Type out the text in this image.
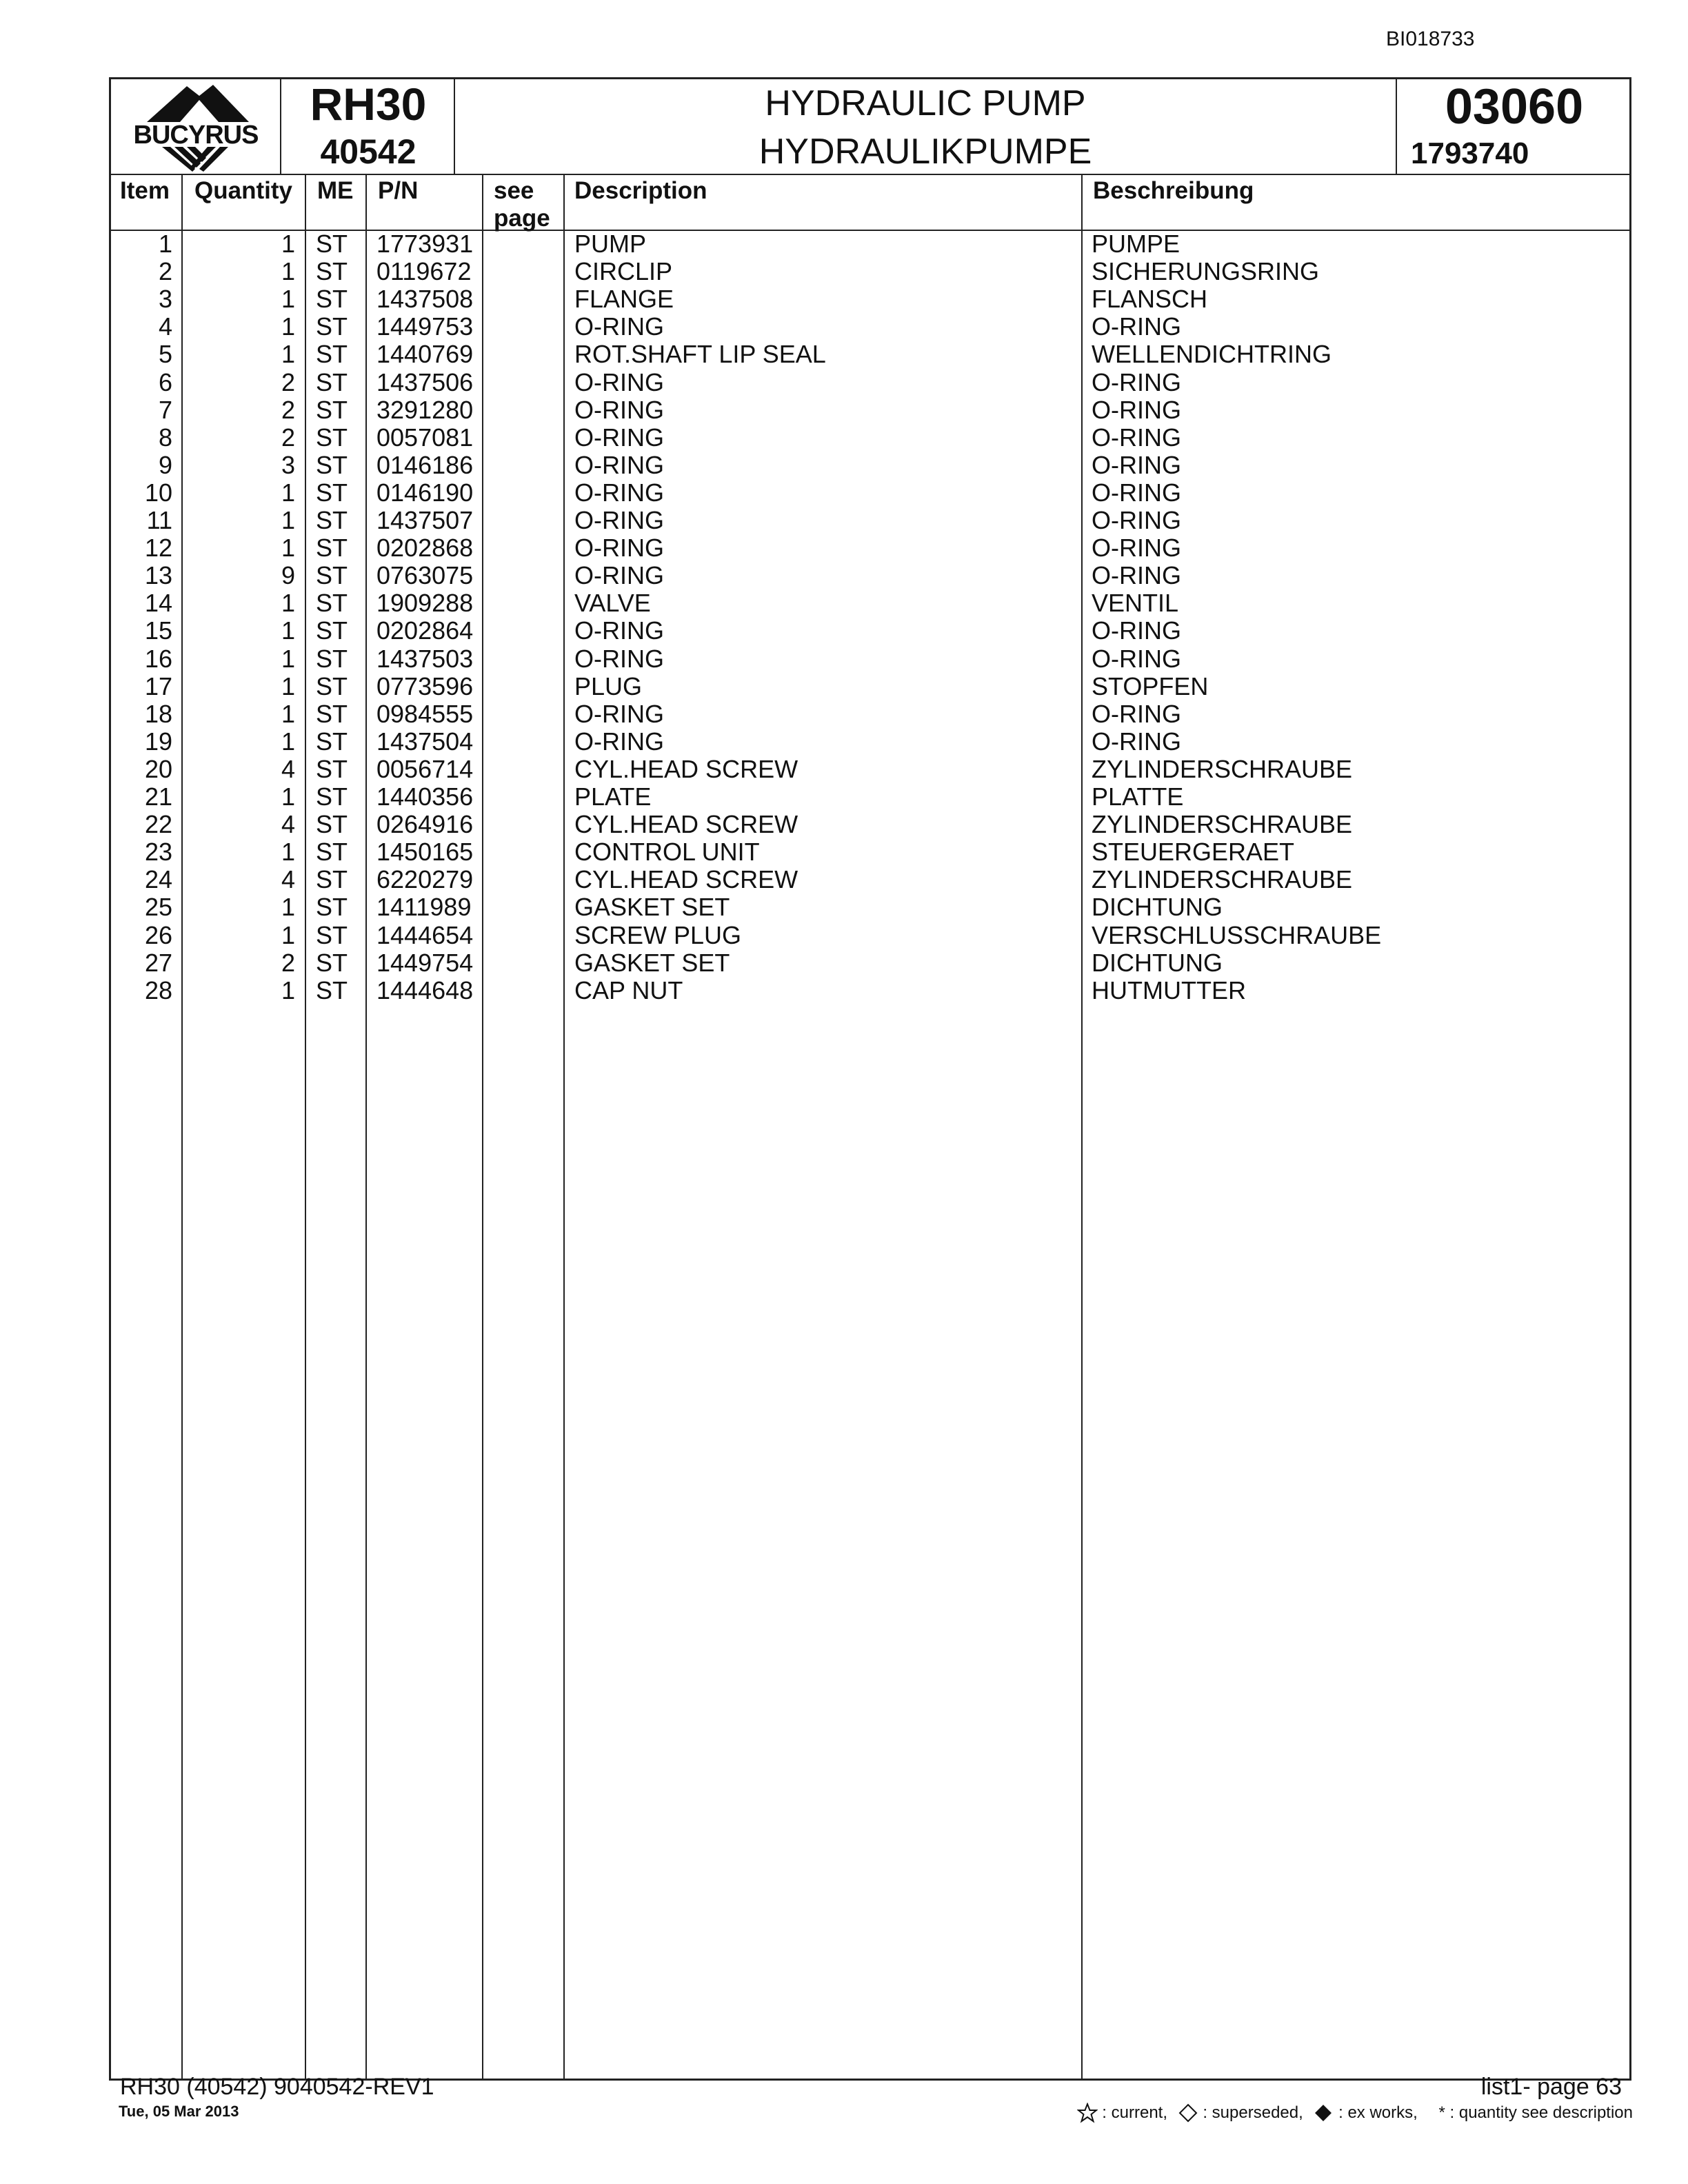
BI018733
BUCYRUS
RH30
40542
HYDRAULIC PUMP
HYDRAULIKPUMPE
03060
1793740
Item Quantity ME P/N	see
page
Description	Beschreibung
1	1 ST 1773931	PUMP	PUMPE
2	1 ST 0119672	CIRCLIP	SICHERUNGSRING
3	1 ST 1437508	FLANGE	FLANSCH
4	1 ST 1449753	O-RING	O-RING
5	1 ST 1440769	ROT.SHAFT LIP SEAL	WELLENDICHTRING
6	2 ST 1437506	O-RING	O-RING
7	2 ST 3291280	O-RING	O-RING
8	2 ST 0057081	O-RING	O-RING
9	3 ST 0146186	O-RING	O-RING
10	1 ST 0146190	O-RING	O-RING
11	1 ST 1437507	O-RING	O-RING
12	1 ST 0202868	O-RING	O-RING
13	9 ST 0763075	O-RING	O-RING
14	1 ST 1909288	VALVE	VENTIL
15	1 ST 0202864	O-RING	O-RING
16	1 ST 1437503	O-RING	O-RING
17	1 ST 0773596	PLUG	STOPFEN
18	1 ST 0984555	O-RING	O-RING
19	1 ST 1437504	O-RING	O-RING
20	4 ST 0056714	CYL.HEAD SCREW	ZYLINDERSCHRAUBE
21	1 ST 1440356	PLATE	PLATTE
22	4 ST 0264916	CYL.HEAD SCREW	ZYLINDERSCHRAUBE
23	1 ST 1450165	CONTROL UNIT	STEUERGERAET
24	4 ST 6220279	CYL.HEAD SCREW	ZYLINDERSCHRAUBE
25	1 ST 1411989	GASKET SET	DICHTUNG
26	1 ST 1444654	SCREW PLUG	VERSCHLUSSCHRAUBE
27	2 ST 1449754	GASKET SET	DICHTUNG
28	1 ST 1444648	CAP NUT	HUTMUTTER
RH30 (40542) 9040542-REV1
Tue, 05 Mar 2013
list1- page 63
: current, : superseded, : ex works, * : quantity see description
